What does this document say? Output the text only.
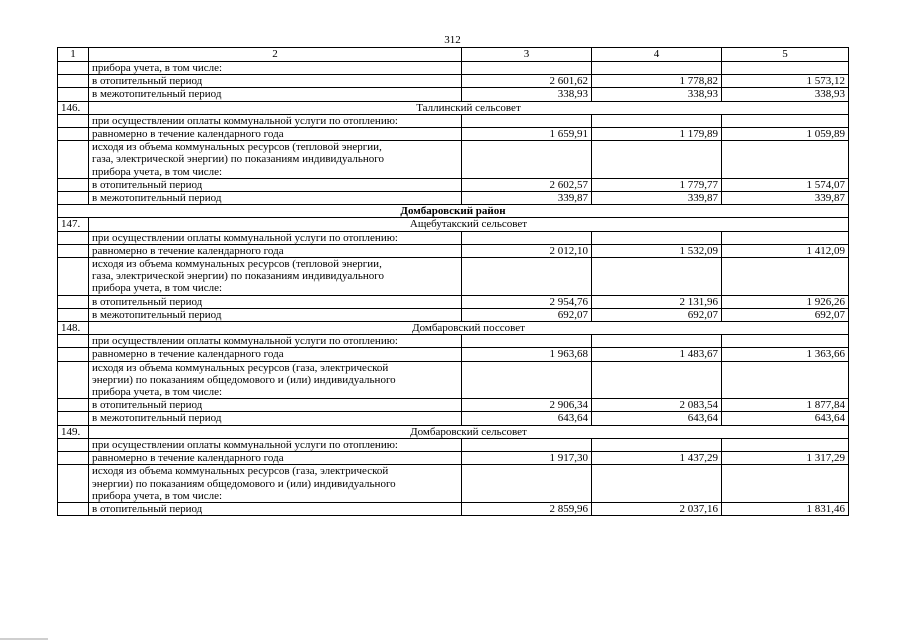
312
1	2	3	4	5
	прибора учета, в том числе:			
	в отопительный период	2 601,62	1 778,82	1 573,12
	в межотопительный период	338,93	338,93	338,93
146.	Таллинский сельсовет			
	при осуществлении оплаты коммунальной услуги по отоплению:			
	равномерно в течение календарного года	1 659,91	1 179,89	1 059,89

	исходя из объема коммунальных ресурсов (тепловой энергии,
газа, электрической энергии) по показаниям индивидуального
прибора учета, в том числе:			

	в отопительный период	2 602,57	1 779,77	1 574,07
	в межотопительный период	339,87	339,87	339,87
Домбаровский район				
147.	Ащебутакский сельсовет			
	при осуществлении оплаты коммунальной услуги по отоплению:			
	равномерно в течение календарного года	2 012,10	1 532,09	1 412,09

	исходя из объема коммунальных ресурсов (тепловой энергии,
газа, электрической энергии) по показаниям индивидуального
прибора учета, в том числе:			

	в отопительный период	2 954,76	2 131,96	1 926,26
	в межотопительный период	692,07	692,07	692,07
148.	Домбаровский поссовет			
	при осуществлении оплаты коммунальной услуги по отоплению:			
	равномерно в течение календарного года	1 963,68	1 483,67	1 363,66

	исходя из объема коммунальных ресурсов (газа, электрической
энергии) по показаниям общедомового и (или) индивидуального
прибора учета, в том числе:			

	в отопительный период	2 906,34	2 083,54	1 877,84
	в межотопительный период	643,64	643,64	643,64
149.	Домбаровский сельсовет			
	при осуществлении оплаты коммунальной услуги по отоплению:			
	равномерно в течение календарного года	1 917,30	1 437,29	1 317,29

	исходя из объема коммунальных ресурсов (газа, электрической
энергии) по показаниям общедомового и (или) индивидуального
прибора учета, в том числе:			

	в отопительный период	2 859,96	2 037,16	1 831,46
